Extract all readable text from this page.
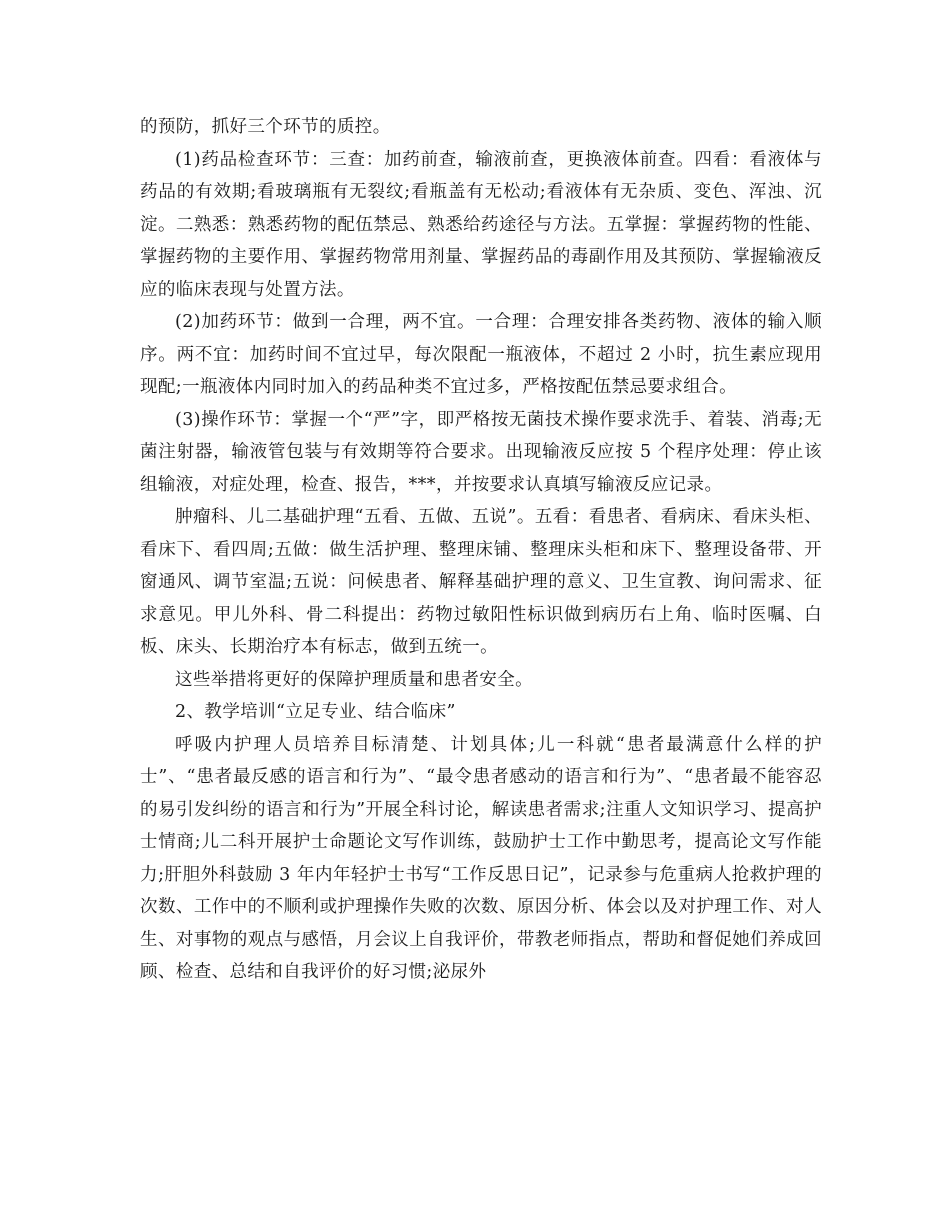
的预防，抓好三个环节的质控。

(1)药品检查环节：三查：加药前查，输液前查，更换液体前查。四看：看液体与药品的有效期;看玻璃瓶有无裂纹;看瓶盖有无松动;看液体有无杂质、变色、浑浊、沉淀。二熟悉：熟悉药物的配伍禁忌、熟悉给药途径与方法。五掌握：掌握药物的性能、掌握药物的主要作用、掌握药物常用剂量、掌握药品的毒副作用及其预防、掌握输液反应的临床表现与处置方法。

(2)加药环节：做到一合理，两不宜。一合理：合理安排各类药物、液体的输入顺序。两不宜：加药时间不宜过早，每次限配一瓶液体，不超过 2 小时，抗生素应现用现配;一瓶液体内同时加入的药品种类不宜过多，严格按配伍禁忌要求组合。

(3)操作环节：掌握一个“严”字，即严格按无菌技术操作要求洗手、着装、消毒;无菌注射器，输液管包装与有效期等符合要求。出现输液反应按 5 个程序处理：停止该组输液，对症处理，检查、报告，***，并按要求认真填写输液反应记录。

肿瘤科、儿二基础护理“五看、五做、五说”。五看：看患者、看病床、看床头柜、看床下、看四周;五做：做生活护理、整理床铺、整理床头柜和床下、整理设备带、开窗通风、调节室温;五说：问候患者、解释基础护理的意义、卫生宣教、询问需求、征求意见。甲儿外科、骨二科提出：药物过敏阳性标识做到病历右上角、临时医嘱、白板、床头、长期治疗本有标志，做到五统一。

这些举措将更好的保障护理质量和患者安全。

2、教学培训“立足专业、结合临床”

呼吸内护理人员培养目标清楚、计划具体;儿一科就“患者最满意什么样的护士”、“患者最反感的语言和行为”、“最令患者感动的语言和行为”、“患者最不能容忍的易引发纠纷的语言和行为”开展全科讨论，解读患者需求;注重人文知识学习、提高护士情商;儿二科开展护士命题论文写作训练，鼓励护士工作中勤思考，提高论文写作能力;肝胆外科鼓励 3 年内年轻护士书写“工作反思日记”，记录参与危重病人抢救护理的次数、工作中的不顺利或护理操作失败的次数、原因分析、体会以及对护理工作、对人生、对事物的观点与感悟，月会议上自我评价，带教老师指点，帮助和督促她们养成回顾、检查、总结和自我评价的好习惯;泌尿外
